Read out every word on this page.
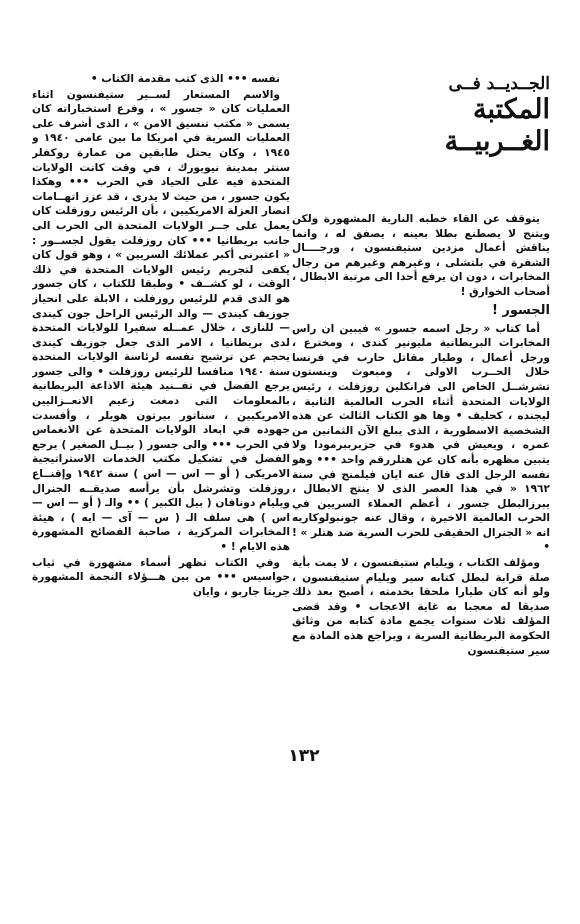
الجــديــد فــى
المكتبة
الغــربيــة

يتوقف عن القاء خطبه النارية المشهورة ولكن ويتنج لا يصطنع بطلا بعينه ، يصفق له ، وانما يناقش أعمال مزدين ستيفنسون ، ورجــــال الشفرة في بلتشلى ، وغيرهم وغيرهم من رجال المخابرات ، دون ان يرفع أحدا الى مرتبة الابطال ، أصحاب الخوارق !

الجسور !

أما كتاب « رجل اسمه جسور » فيبين ان راس المخابرات البريطانية مليونير كندى ، ومخترع ، ورجل أعمال ، وطيار مقاتل حارب في فرنسا خلال الحــرب الاولى ، ومبعوث وينستون تشرشــل الخاص الى فرانكلين روزفلت ، رئيس الولايات المتحدة أثناء الحرب العالمية الثانية ، ليجنده ، كحليف • وها هو الكتاب الثالث عن هذه الشخصية الاسطورية ، الذى يبلغ الآن الثمانين من عمره ، ويعيش في هدوء في جزيرببرمودا ولا يتبين مظهره بأنه كان عن هتلررقم واحد ••• وهو نفسه الرجل الذى قال عنه ايان فيلمنج في سنة ١٩٦٢ « في هذا العصر الذى لا ينتج الابطال ، يبرزالبطل جسور ، أعظم العملاء السريين في الحرب العالمية الاخيرة ، وقال عنه جونبولوكاريه انه « الجنرال الحقيقى للحرب السرية ضد هتلر » ! •

ومؤلف الكتاب ، ويليام ستيفنسون ، لا يمت بأية صلة قرابة لبطل كتابه سير ويليام ستيفنسون ، ولو أنه كان طيارا ملحقا بخدمته ، أصبح بعد ذلك صديقا له معجبا به غاية الاعجاب • وقد قضى المؤلف ثلاث سنوات يجمع مادة كتابه من وثائق الحكومة البريطانية السرية ، ويراجع هذه المادة مع سير ستيفنسون

١٣٢

نفسه ••• الذى كتب مقدمة الكتاب •

والاسم المستعار لســير ستيفنسون اثناء العمليات كان « جسور » ، وفرع استخباراته كان يسمى « مكتب تنسيق الامن » ، الذى أشرف على العمليات السرية في امريكا ما بين عامى ١٩٤٠ و ١٩٤٥ ، وكان يحتل طابقين من عمارة روكفلر سنتر بمدينة نيويورك ، في وقت كانت الولايات المتحدة فيه على الحياد في الحرب ••• وهكذا يكون جسور ، من حيث لا يدرى ، قد عزز اتهــامات انصار العزلة الامريكيين ، بأن الرئيس روزفلت كان يعمل على جــر الولايات المتحدة الى الحرب الى جانب بريطانيا ••• كان روزفلت يقول لجســور : « اعتبرنى أكبر عملائك السريين » ، وهو قول كان يكفى لتجريم رئيس الولايات المتحدة في ذلك الوقت ، لو كشــف • وطبقا للكتاب ، كان جسور هو الذى قدم للرئيس روزفلت ، الابلة على انحياز جوزيف كيندى — والد الرئيس الراحل جون كيندى — للنازى ، خلال عمــله سفيرا للولايات المتحدة لدى بريطانيا ، الامر الذى جعل جوزيف كيندى يحجم عن ترشيح نفسه لرئاسة الولايات المتحدة سنة ١٩٤٠ منافسا للرئيس روزفلت • والى جسور يرجع الفضل في تفــنيد هيئة الاذاعة البريطانية بالمعلومات التى دمغت زعيم الانعــزاليين الامريكيين ، سناتور بيرتون هويلر ، وأفسدت جهوده في ابعاد الولايات المتحدة عن الانغماس في الحرب ••• والى جسور ( بيــل الصغير ) يرجع الفضل في تشكيل مكتب الخدمات الاستراتيجية الامريكى ( أو — اس — اس ) سنة ١٩٤٢ وإقنــاع روزفلت وتشرشل بأن يرأسه صديقــه الجنرال ويليام دونافان ( بيل الكبير ) •• والـ ( أو — اس — اس ) هى سلف الـ ( س — آى — ايه ) ، هيئة المخابرات المركزية ، صاحبة الفضائح المشهورة هذه الايام ! •

وفي الكتاب تظهر أسماء مشهورة في ثياب جواسيس ••• من بين هـــؤلاء النجمة المشهورة جريتا جاربو ، وايان
